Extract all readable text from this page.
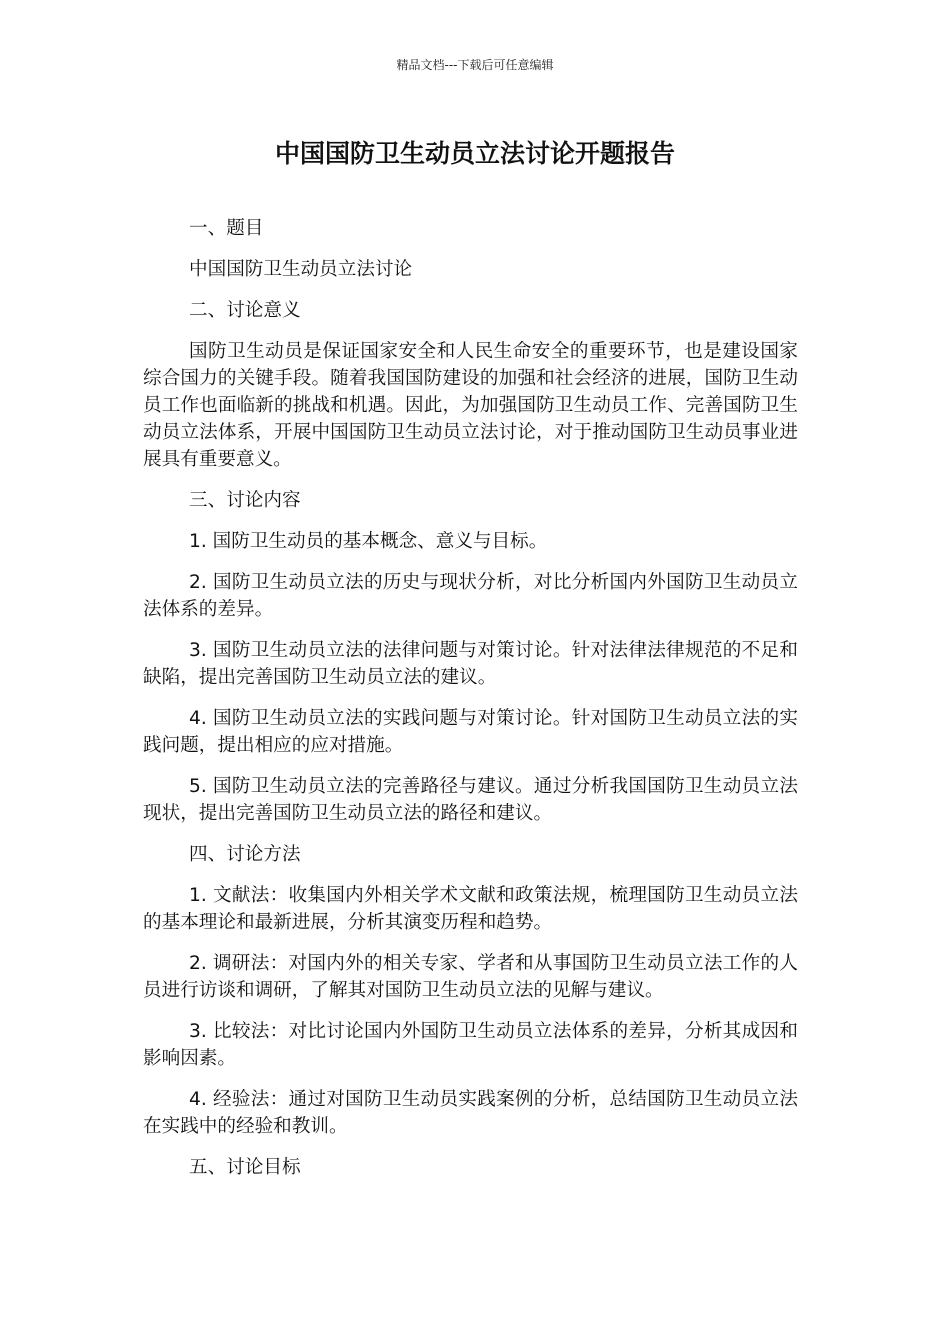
精品文档---下载后可任意编辑
中国国防卫生动员立法讨论开题报告

一、题目

中国国防卫生动员立法讨论

二、讨论意义

国防卫生动员是保证国家安全和人民生命安全的重要环节，也是建设国家综合国力的关键手段。随着我国国防建设的加强和社会经济的进展，国防卫生动员工作也面临新的挑战和机遇。因此，为加强国防卫生动员工作、完善国防卫生动员立法体系，开展中国国防卫生动员立法讨论，对于推动国防卫生动员事业进展具有重要意义。

三、讨论内容

1. 国防卫生动员的基本概念、意义与目标。

2. 国防卫生动员立法的历史与现状分析，对比分析国内外国防卫生动员立法体系的差异。

3. 国防卫生动员立法的法律问题与对策讨论。针对法律法律规范的不足和缺陷，提出完善国防卫生动员立法的建议。

4. 国防卫生动员立法的实践问题与对策讨论。针对国防卫生动员立法的实践问题，提出相应的应对措施。

5. 国防卫生动员立法的完善路径与建议。通过分析我国国防卫生动员立法现状，提出完善国防卫生动员立法的路径和建议。

四、讨论方法

1. 文献法：收集国内外相关学术文献和政策法规，梳理国防卫生动员立法的基本理论和最新进展，分析其演变历程和趋势。

2. 调研法：对国内外的相关专家、学者和从事国防卫生动员立法工作的人员进行访谈和调研，了解其对国防卫生动员立法的见解与建议。

3. 比较法：对比讨论国内外国防卫生动员立法体系的差异，分析其成因和影响因素。

4. 经验法：通过对国防卫生动员实践案例的分析，总结国防卫生动员立法在实践中的经验和教训。

五、讨论目标
